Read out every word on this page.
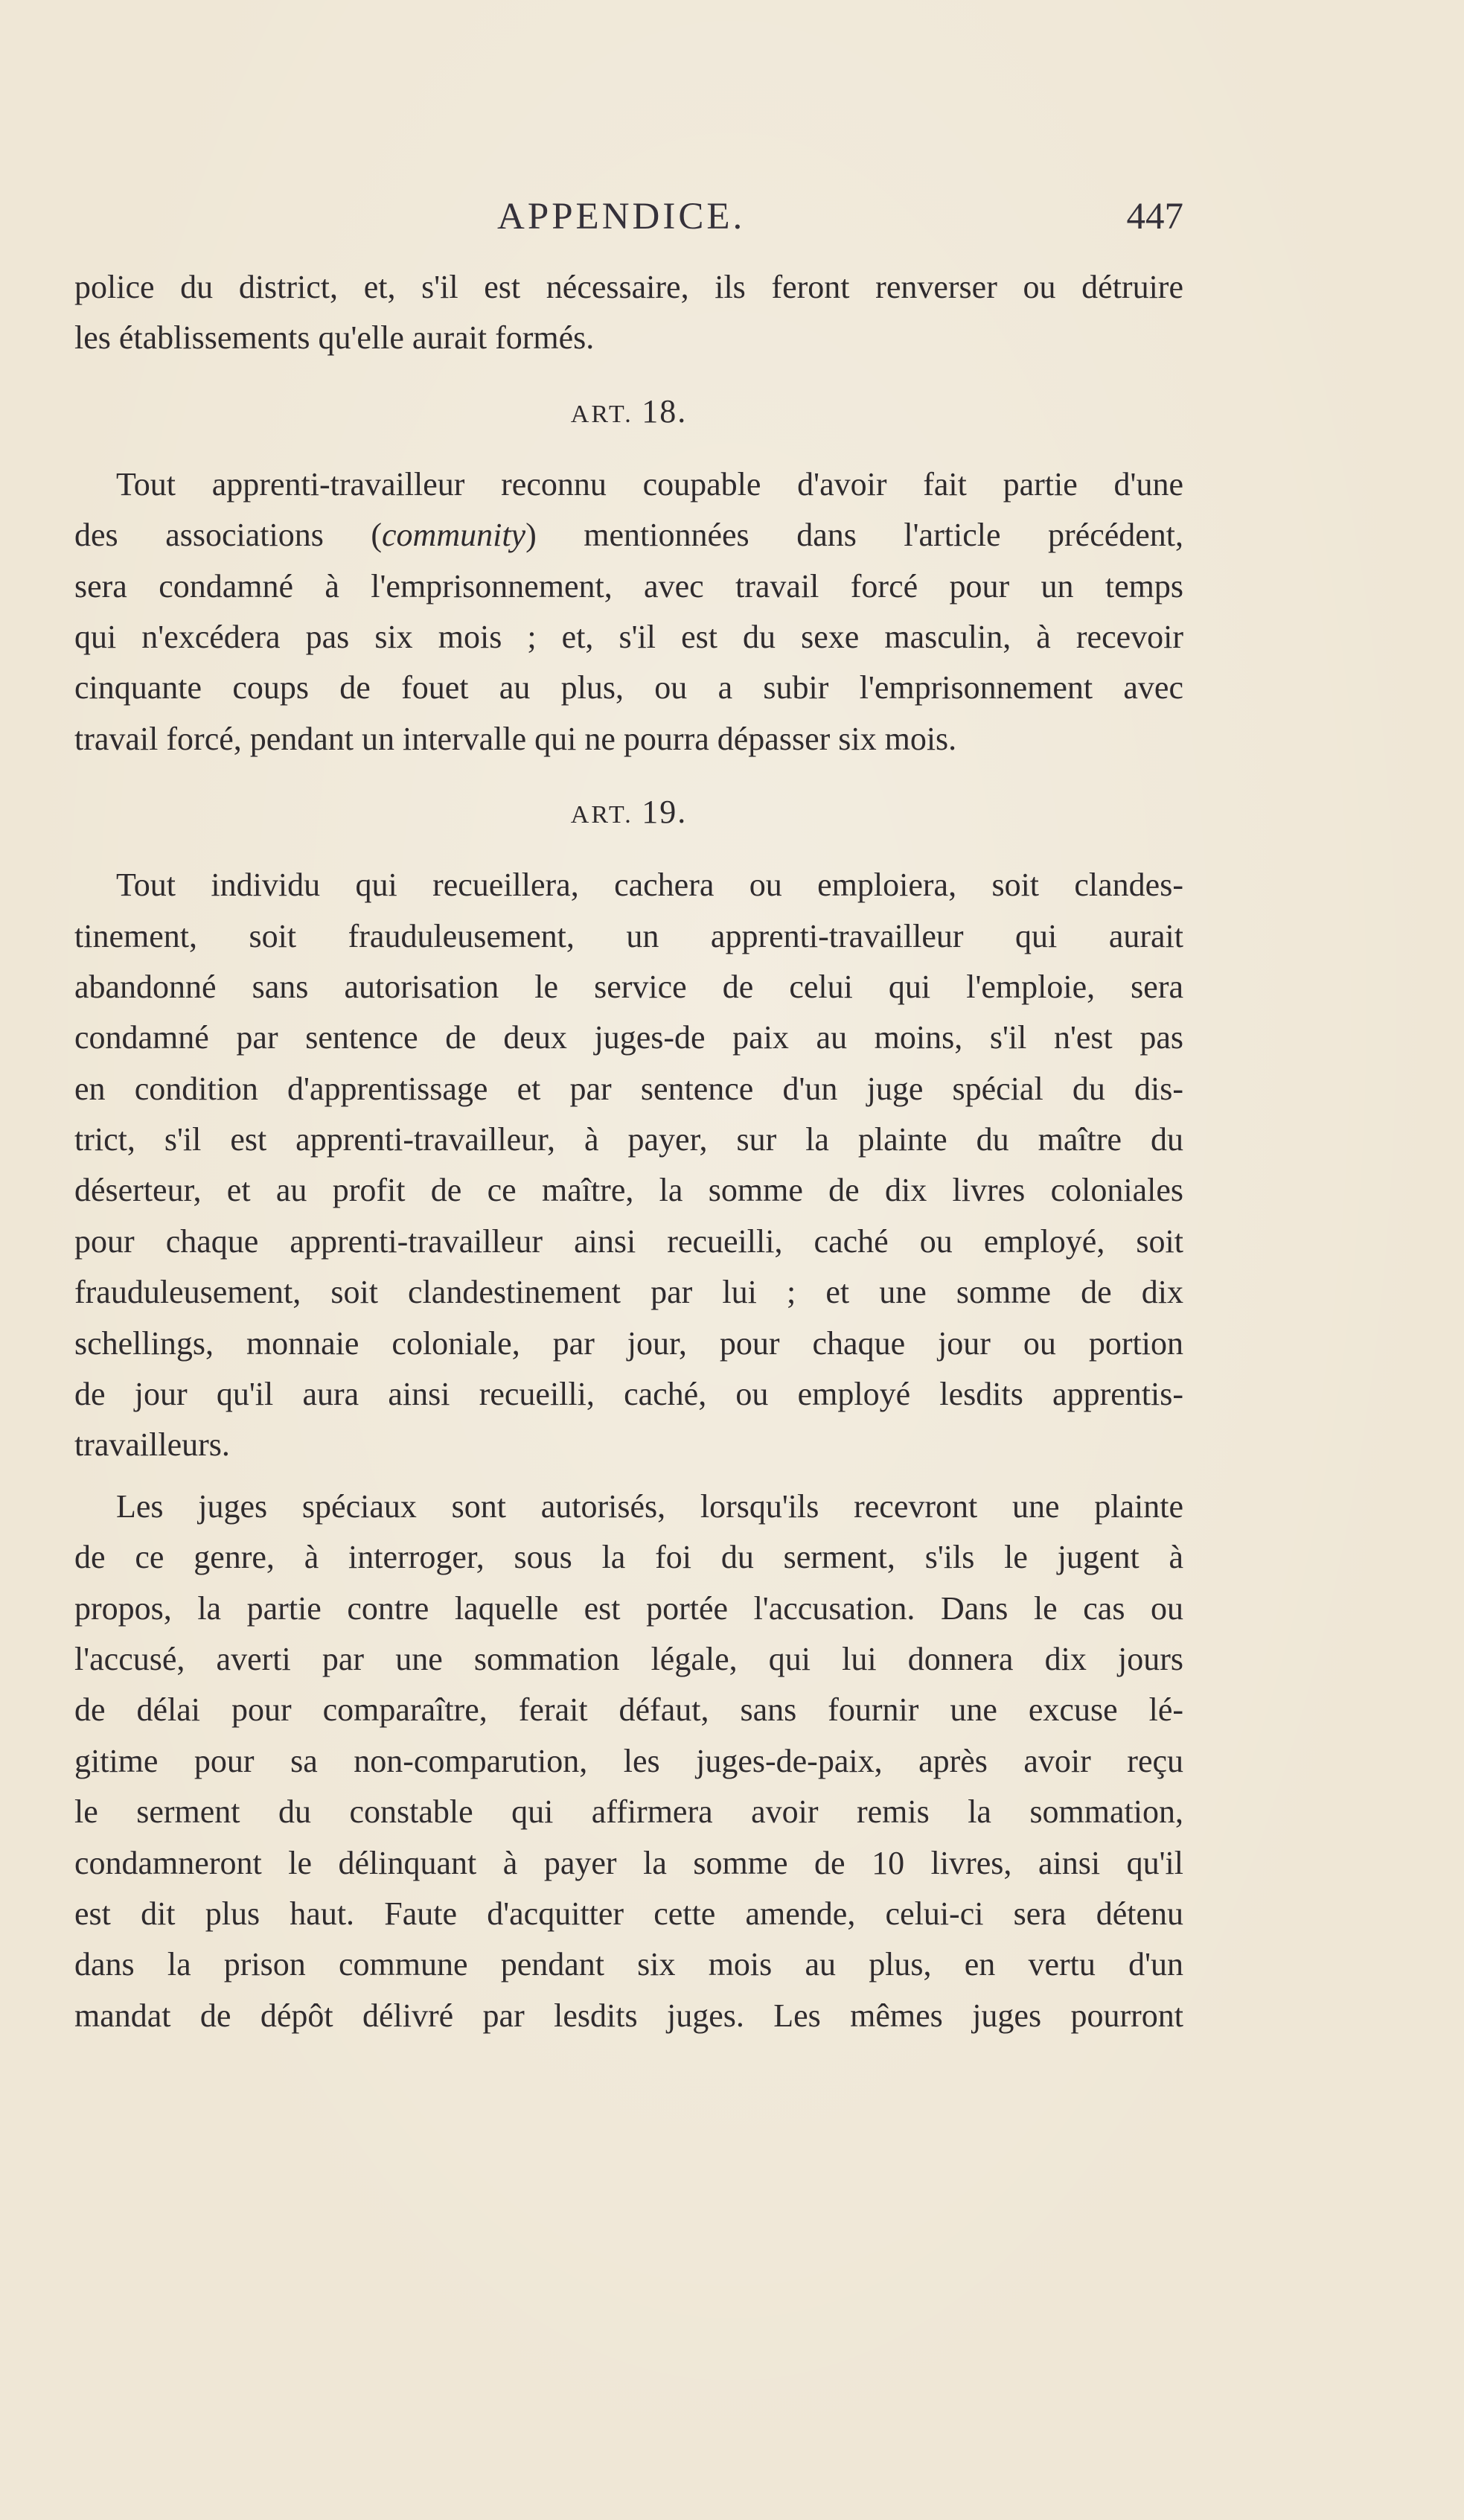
APPENDICE.	447
police du district, et, s'il est nécessaire, ils feront renverser ou détruire
les établissements qu'elle aurait formés.
ART. 18.
Tout apprenti-travailleur reconnu coupable d'avoir fait partie d'une
des associations (community) mentionnées dans l'article précédent,
sera condamné à l'emprisonnement, avec travail forcé pour un temps
qui n'excédera pas six mois ; et, s'il est du sexe masculin, à recevoir
cinquante coups de fouet au plus, ou a subir l'emprisonnement avec
travail forcé, pendant un intervalle qui ne pourra dépasser six mois.
ART. 19.
Tout individu qui recueillera, cachera ou emploiera, soit clandes-
tinement, soit frauduleusement, un apprenti-travailleur qui aurait
abandonné sans autorisation le service de celui qui l'emploie, sera
condamné par sentence de deux juges-de paix au moins, s'il n'est pas
en condition d'apprentissage et par sentence d'un juge spécial du dis-
trict, s'il est apprenti-travailleur, à payer, sur la plainte du maître du
déserteur, et au profit de ce maître, la somme de dix livres coloniales
pour chaque apprenti-travailleur ainsi recueilli, caché ou employé, soit
frauduleusement, soit clandestinement par lui ; et une somme de dix
schellings, monnaie coloniale, par jour, pour chaque jour ou portion
de jour qu'il aura ainsi recueilli, caché, ou employé lesdits apprentis-
travailleurs.
Les juges spéciaux sont autorisés, lorsqu'ils recevront une plainte
de ce genre, à interroger, sous la foi du serment, s'ils le jugent à
propos, la partie contre laquelle est portée l'accusation. Dans le cas ou
l'accusé, averti par une sommation légale, qui lui donnera dix jours
de délai pour comparaître, ferait défaut, sans fournir une excuse lé-
gitime pour sa non-comparution, les juges-de-paix, après avoir reçu
le serment du constable qui affirmera avoir remis la sommation,
condamneront le délinquant à payer la somme de 10 livres, ainsi qu'il
est dit plus haut. Faute d'acquitter cette amende, celui-ci sera détenu
dans la prison commune pendant six mois au plus, en vertu d'un
mandat de dépôt délivré par lesdits juges. Les mêmes juges pourront
